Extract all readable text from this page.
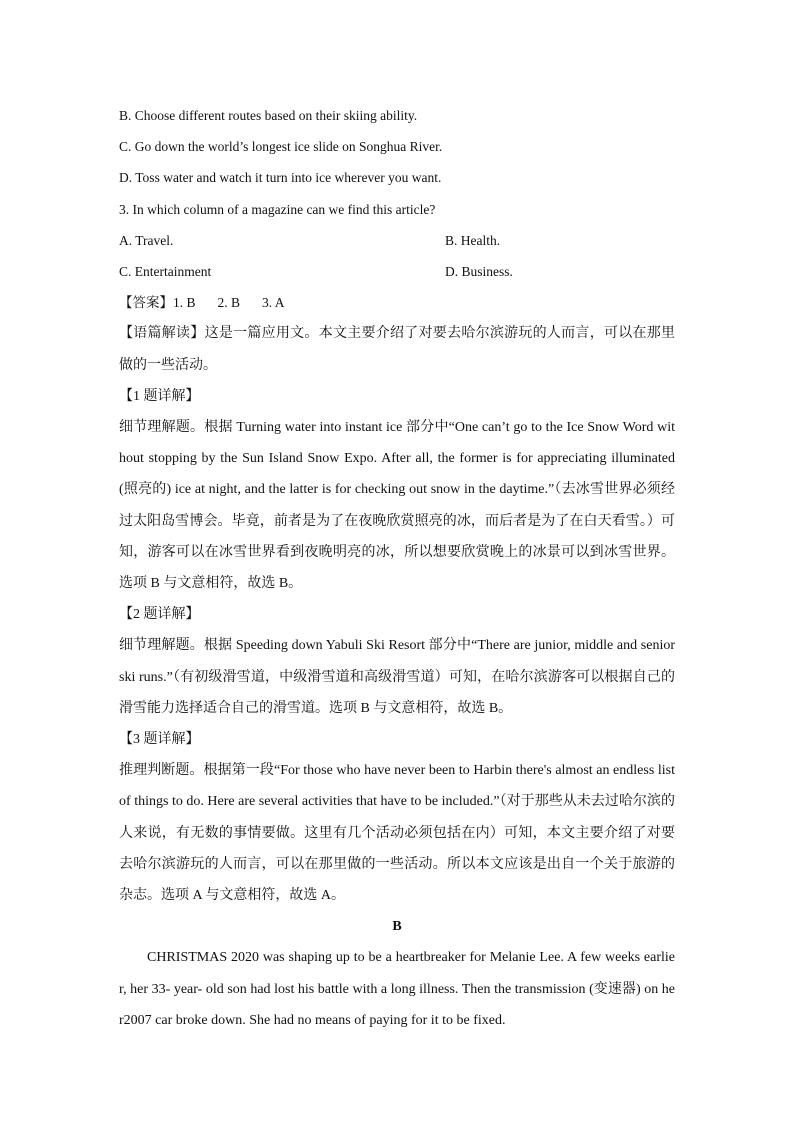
B. Choose different routes based on their skiing ability.
C. Go down the world’s longest ice slide on Songhua River.
D. Toss water and watch it turn into ice wherever you want.
3. In which column of a magazine can we find this article?
A. Travel.	B. Health.
C. Entertainment	D. Business.
【答案】1. B 2. B 3. A
【语篇解读】这是一篇应用文。本文主要介绍了对要去哈尔滨游玩的人而言，可以在那里做的一些活动。
【1 题详解】
细节理解题。根据 Turning water into instant ice 部分中“One can’t go to the Ice Snow Word without stopping by the Sun Island Snow Expo. After all, the former is for appreciating illuminated (照亮的) ice at night, and the latter is for checking out snow in the daytime.”（去冰雪世界必须经过太阳岛雪博会。毕竟，前者是为了在夜晚欣赏照亮的冰，而后者是为了在白天看雪。）可知，游客可以在冰雪世界看到夜晚明亮的冰，所以想要欣赏晚上的冰景可以到冰雪世界。选项 B 与文意相符，故选 B。
【2 题详解】
细节理解题。根据 Speeding down Yabuli Ski Resort 部分中“There are junior, middle and senior ski runs.”（有初级滑雪道，中级滑雪道和高级滑雪道）可知，在哈尔滨游客可以根据自己的滑雪能力选择适合自己的滑雪道。选项 B 与文意相符，故选 B。
【3 题详解】
推理判断题。根据第一段“For those who have never been to Harbin there's almost an endless list of things to do. Here are several activities that have to be included.”（对于那些从未去过哈尔滨的人来说，有无数的事情要做。这里有几个活动必须包括在内）可知，本文主要介绍了对要去哈尔滨游玩的人而言，可以在那里做的一些活动。所以本文应该是出自一个关于旅游的杂志。选项 A 与文意相符，故选 A。
B
CHRISTMAS 2020 was shaping up to be a heartbreaker for Melanie Lee. A few weeks earlier, her 33- year- old son had lost his battle with a long illness. Then the transmission (变速器) on her2007 car broke down. She had no means of paying for it to be fixed.
